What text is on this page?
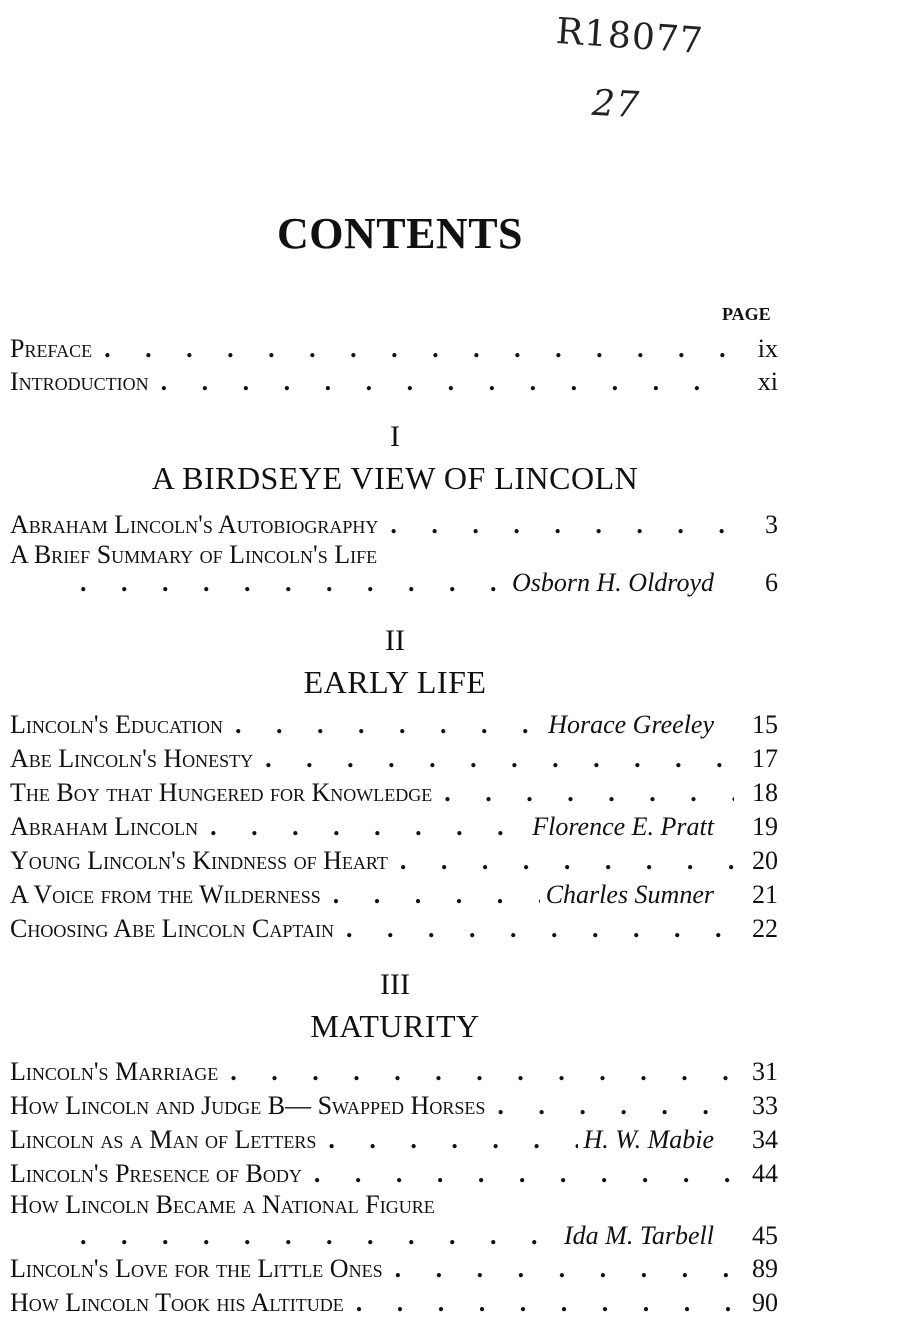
R18077
27
CONTENTS
PAGE
Preface . . .	ix
Introduction . . .	xi
I
A BIRDSEYE VIEW OF LINCOLN
Abraham Lincoln's Autobiography . . .	3
A Brief Summary of Lincoln's Life
. . .
Osborn H. Oldroyd	6
II
EARLY LIFE
Lincoln's Education . . .	Horace Greeley	15
Abe Lincoln's Honesty . . .	17
The Boy that Hungered for Knowledge . . .	18
Abraham Lincoln . . .	Florence E. Pratt	19
Young Lincoln's Kindness of Heart . . .	20
A Voice from the Wilderness . . .	Charles Sumner	21
Choosing Abe Lincoln Captain . . .	22
III
MATURITY
Lincoln's Marriage . . .	31
How Lincoln and Judge B— Swapped Horses . . .	33
Lincoln as a Man of Letters . . .	H. W. Mabie	34
Lincoln's Presence of Body . . .	44
How Lincoln Became a National Figure
. . .
Ida M. Tarbell	45
Lincoln's Love for the Little Ones . . .	89
How Lincoln Took his Altitude . . .	90
